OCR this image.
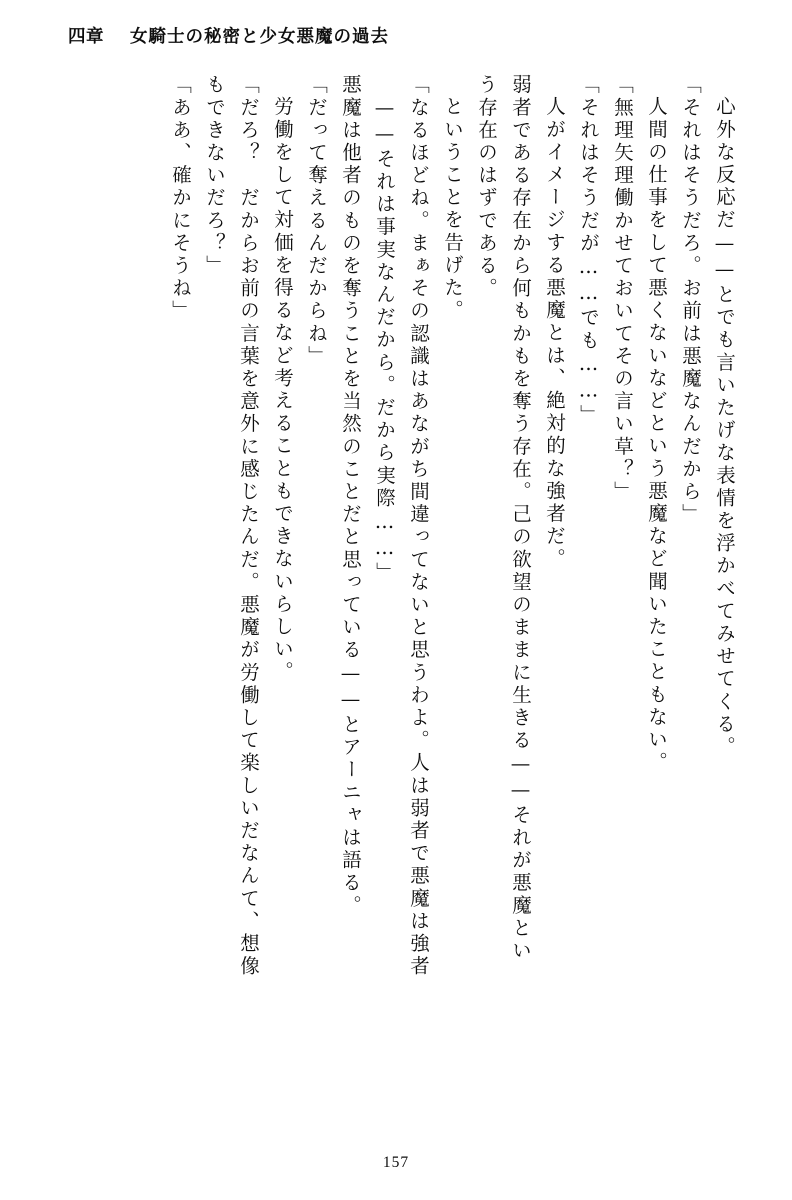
四章 女騎士の秘密と少女悪魔の過去
心外な反応だ——とでも言いたげな表情を浮かべてみせてくる。
「それはそうだろ。お前は悪魔なんだから」
人間の仕事をして悪くないなどという悪魔など聞いたこともない。
「無理矢理働かせておいてその言い草？」
「それはそうだが……でも……」
人がイメージする悪魔とは、絶対的な強者だ。
弱者である存在から何もかもを奪う存在。己の欲望のままに生きる——それが悪魔とい
う存在のはずである。
ということを告げた。
「なるほどね。まぁその認識はあながち間違ってないと思うわよ。人は弱者で悪魔は強者
——それは事実なんだから。だから実際……」
悪魔は他者のものを奪うことを当然のことだと思っている——とアーニャは語る。
「だって奪えるんだからね」
労働をして対価を得るなど考えることもできないらしい。
「だろ？　だからお前の言葉を意外に感じたんだ。悪魔が労働して楽しいだなんて、想像
もできないだろ？」
「ああ、確かにそうね」
157
